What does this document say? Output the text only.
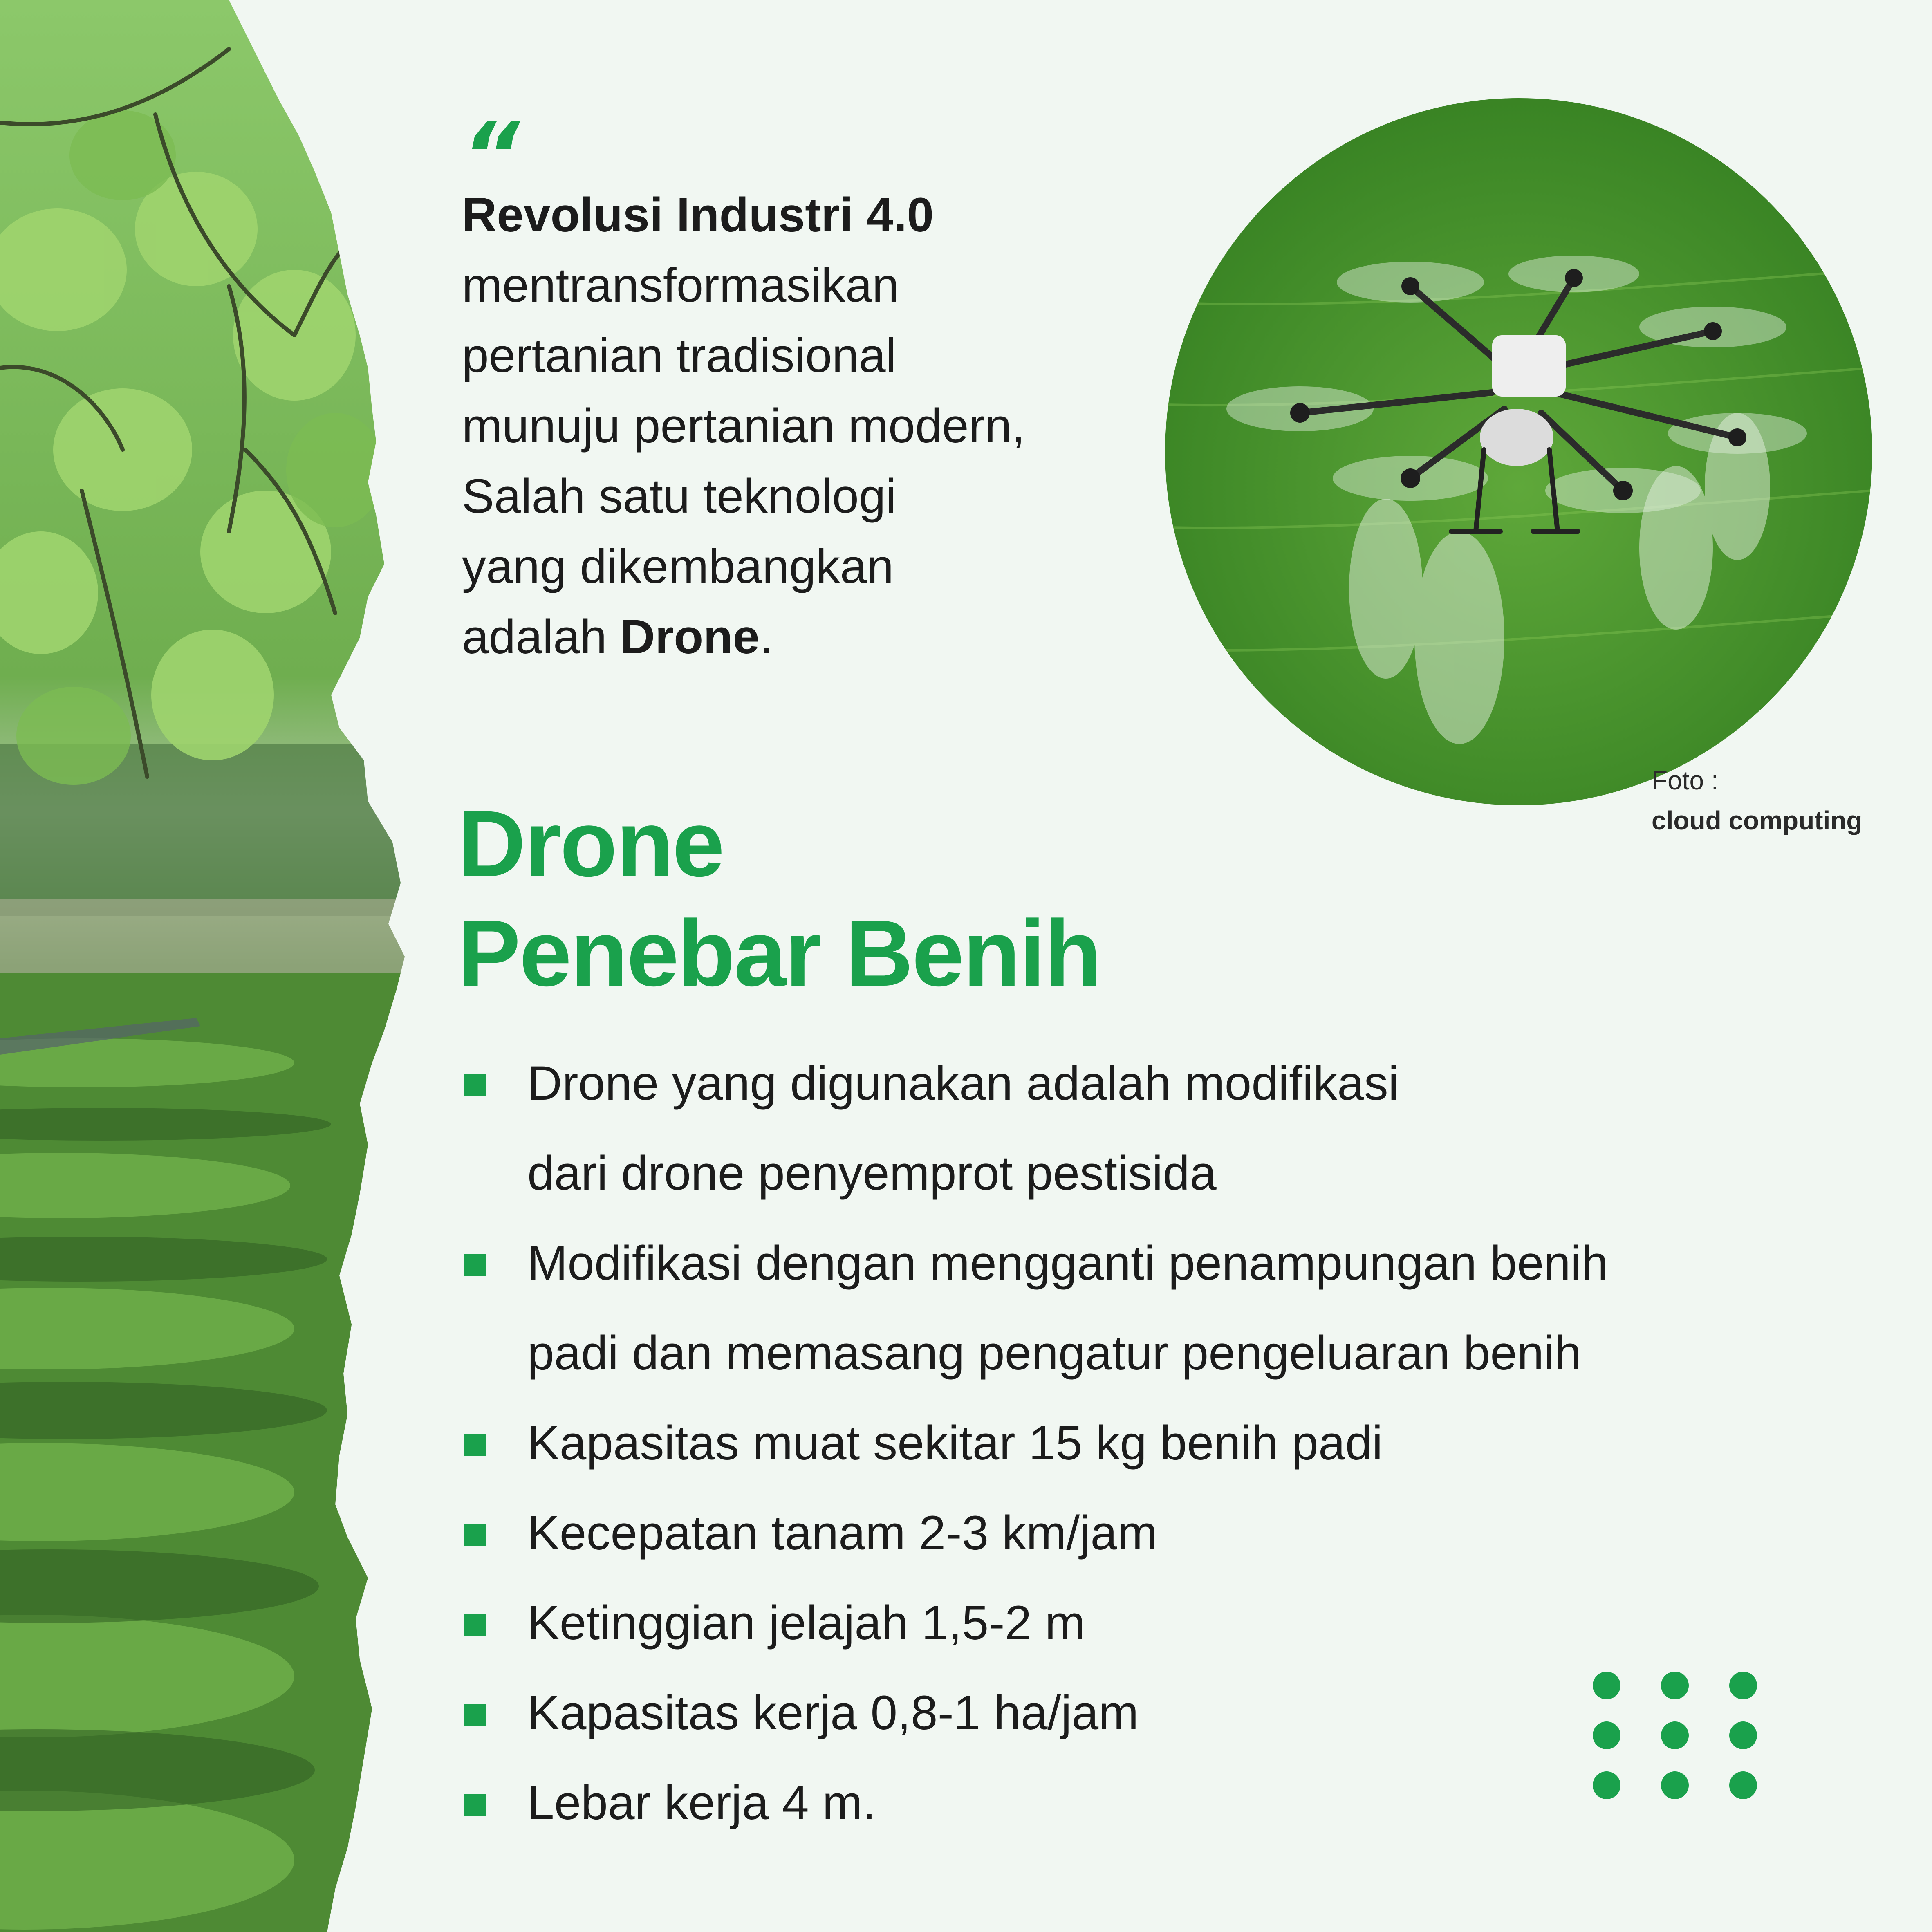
“
Revolusi Industri 4.0
mentransformasikan
pertanian tradisional
munuju pertanian modern,
Salah satu teknologi
yang dikembangkan
adalah Drone.
Foto :
cloud computing
Drone
Penebar Benih
Drone yang digunakan adalah modifikasi
dari drone penyemprot pestisida
Modifikasi dengan mengganti penampungan benih
padi dan memasang pengatur pengeluaran benih
Kapasitas muat sekitar 15 kg benih padi
Kecepatan tanam 2-3 km/jam
Ketinggian jelajah 1,5-2 m
Kapasitas kerja 0,8-1 ha/jam
Lebar kerja 4 m.
